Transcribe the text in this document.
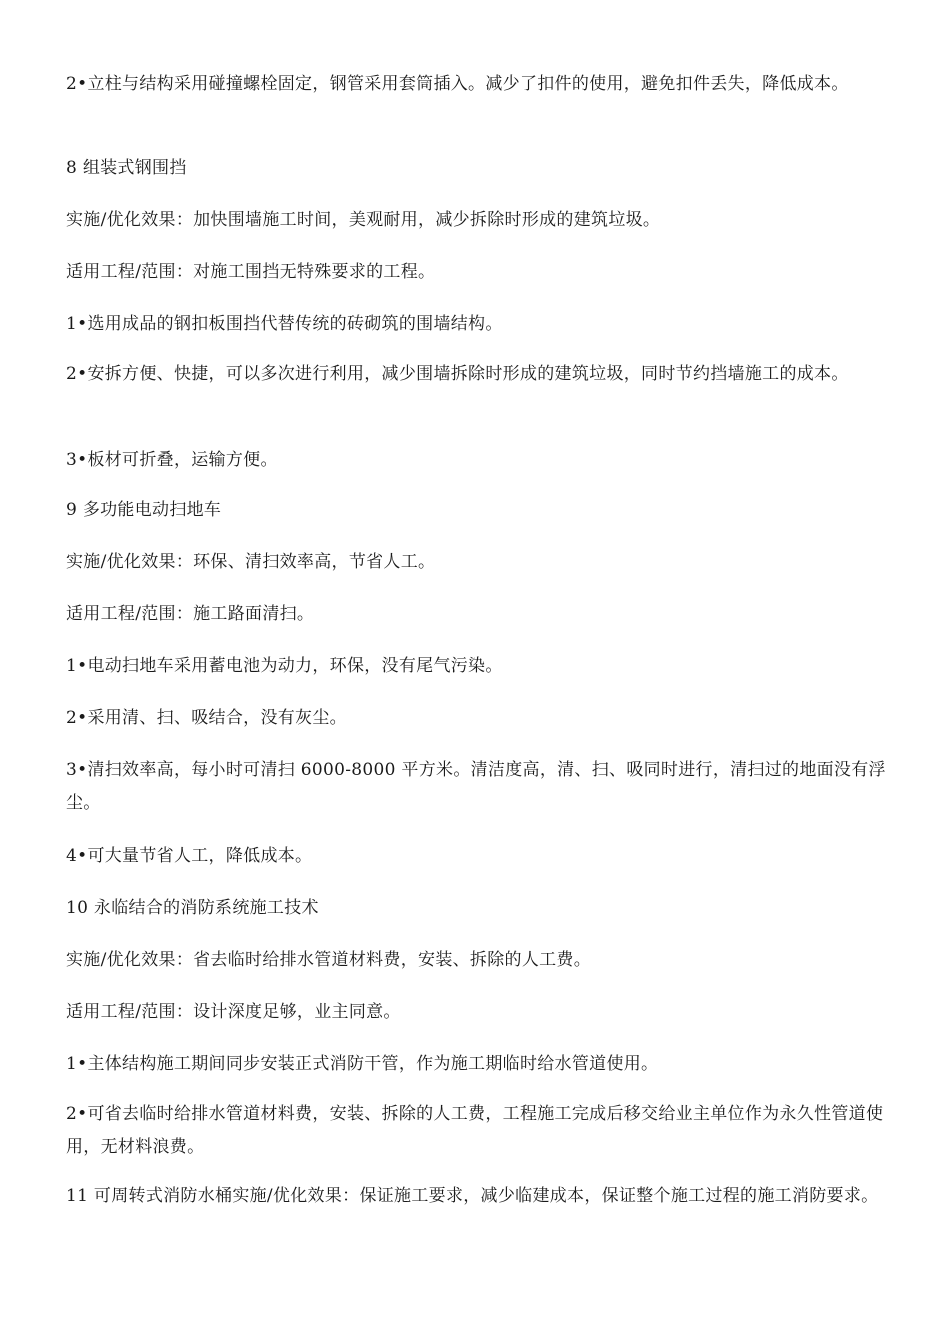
2•立柱与结构采用碰撞螺栓固定，钢管采用套筒插入。减少了扣件的使用，避免扣件丢失，降低成本。

8 组装式钢围挡

实施/优化效果：加快围墙施工时间，美观耐用，减少拆除时形成的建筑垃圾。

适用工程/范围：对施工围挡无特殊要求的工程。

1•选用成品的钢扣板围挡代替传统的砖砌筑的围墙结构。

2•安拆方便、快捷，可以多次进行利用，减少围墙拆除时形成的建筑垃圾，同时节约挡墙施工的成本。

3•板材可折叠，运输方便。

9 多功能电动扫地车

实施/优化效果：环保、清扫效率高，节省人工。

适用工程/范围：施工路面清扫。

1•电动扫地车采用蓄电池为动力，环保，没有尾气污染。

2•采用清、扫、吸结合，没有灰尘。

3•清扫效率高，每小时可清扫 6000-8000 平方米。清洁度高，清、扫、吸同时进行，清扫过的地面没有浮尘。

4•可大量节省人工，降低成本。

10 永临结合的消防系统施工技术

实施/优化效果：省去临时给排水管道材料费，安装、拆除的人工费。

适用工程/范围：设计深度足够，业主同意。

1•主体结构施工期间同步安装正式消防干管，作为施工期临时给水管道使用。

2•可省去临时给排水管道材料费，安装、拆除的人工费，工程施工完成后移交给业主单位作为永久性管道使用，无材料浪费。

11 可周转式消防水桶实施/优化效果：保证施工要求，减少临建成本，保证整个施工过程的施工消防要求。
